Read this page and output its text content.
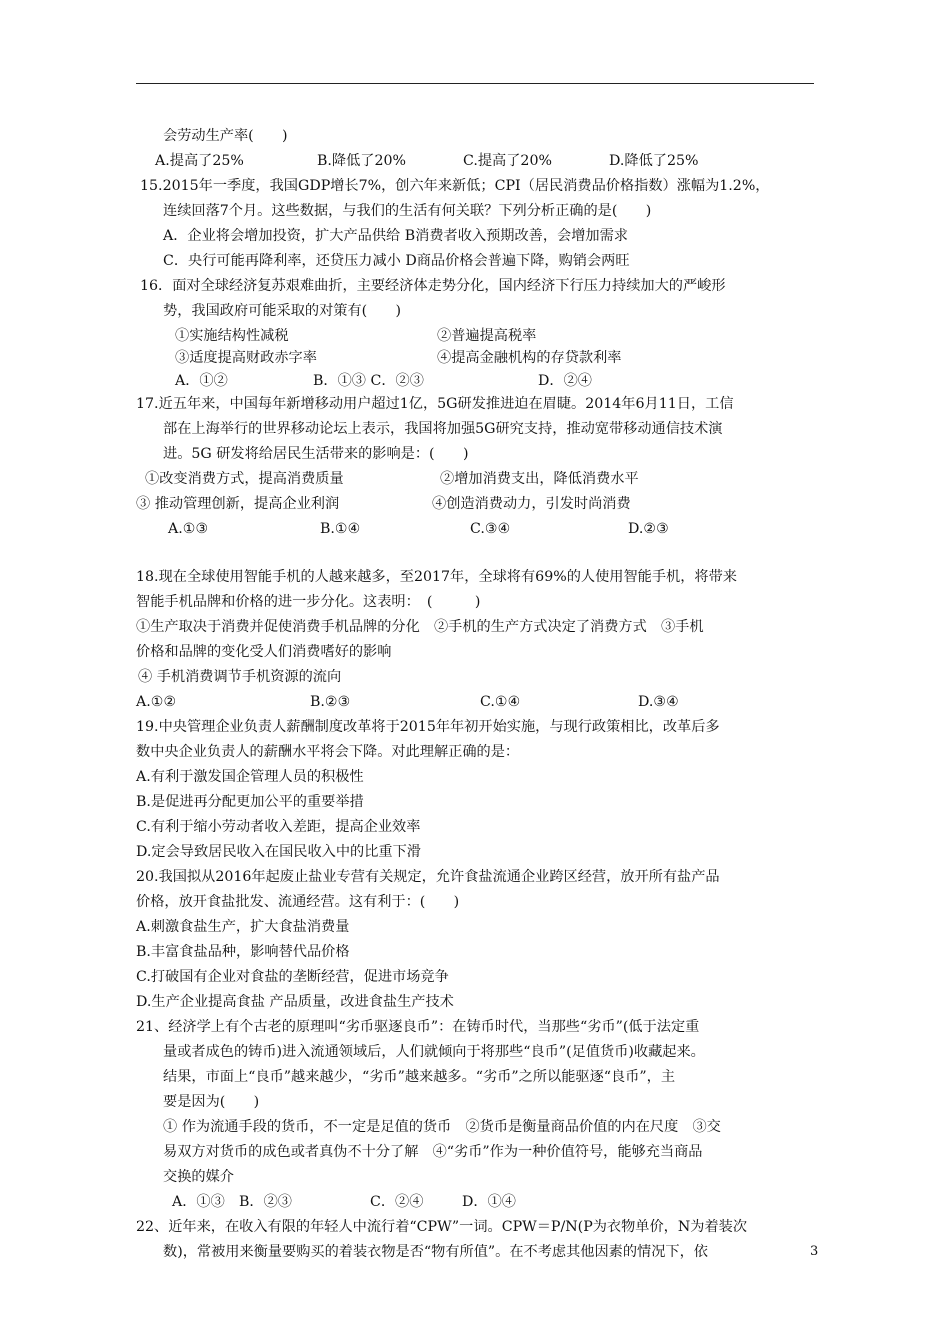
会劳动生产率(　　)
A.提高了25%	B.降低了20%	C.提高了20%	D.降低了25%
15.2015年一季度，我国GDP增长7%，创六年来新低；CPI（居民消费品价格指数）涨幅为1.2%，
连续回落7个月。这些数据，与我们的生活有何关联？下列分析正确的是(　　)
A．企业将会增加投资，扩大产品供给 B消费者收入预期改善，会增加需求
C．央行可能再降利率，还贷压力减小 D商品价格会普遍下降，购销会两旺
16．面对全球经济复苏艰难曲折，主要经济体走势分化，国内经济下行压力持续加大的严峻形
势，我国政府可能采取的对策有(　　)
①实施结构性减税	②普遍提高税率
③适度提高财政赤字率	④提高金融机构的存贷款利率
A．①②	B．①③ C．②③	D．②④
17.近五年来，中国每年新增移动用户超过1亿，5G研发推进迫在眉睫。2014年6月11日，工信
部在上海举行的世界移动论坛上表示，我国将加强5G研究支持，推动宽带移动通信技术演
进。5G 研发将给居民生活带来的影响是：(　　)
①改变消费方式，提高消费质量	②增加消费支出，降低消费水平
③ 推动管理创新，提高企业利润	④创造消费动力，引发时尚消费
A.①③	B.①④	C.③④	D.②③
18.现在全球使用智能手机的人越来越多，至2017年，全球将有69%的人使用智能手机，将带来
智能手机品牌和价格的进一步分化。这表明：　(　　　)
①生产取决于消费并促使消费手机品牌的分化　②手机的生产方式决定了消费方式　③手机
价格和品牌的变化受人们消费嗜好的影响
④ 手机消费调节手机资源的流向
A.①②	B.②③	C.①④	D.③④
19.中央管理企业负责人薪酬制度改革将于2015年年初开始实施，与现行政策相比，改革后多
数中央企业负责人的薪酬水平将会下降。对此理解正确的是：
A.有利于激发国企管理人员的积极性
B.是促进再分配更加公平的重要举措
C.有利于缩小劳动者收入差距，提高企业效率
D.定会导致居民收入在国民收入中的比重下滑
20.我国拟从2016年起废止盐业专营有关规定，允许食盐流通企业跨区经营，放开所有盐产品
价格，放开食盐批发、流通经营。这有利于：(　　)
A.刺激食盐生产，扩大食盐消费量
B.丰富食盐品种，影响替代品价格
C.打破国有企业对食盐的垄断经营，促进市场竞争
D.生产企业提高食盐 产品质量，改进食盐生产技术
21、经济学上有个古老的原理叫“劣币驱逐良币”：在铸币时代，当那些“劣币”(低于法定重
量或者成色的铸币)进入流通领域后，人们就倾向于将那些“良币”(足值货币)收藏起来。
结果，市面上“良币”越来越少，“劣币”越来越多。“劣币”之所以能驱逐“良币”，主
要是因为(　　)
① 作为流通手段的货币，不一定是足值的货币　②货币是衡量商品价值的内在尺度　③交
易双方对货币的成色或者真伪不十分了解　④“劣币”作为一种价值符号，能够充当商品
交换的媒介
A．①③　B．②③	C．②④	D．①④
22、近年来，在收入有限的年轻人中流行着“CPW”一词。CPW＝P/N(P为衣物单价，N为着装次
数)，常被用来衡量要购买的着装衣物是否“物有所值”。在不考虑其他因素的情况下，依	3
